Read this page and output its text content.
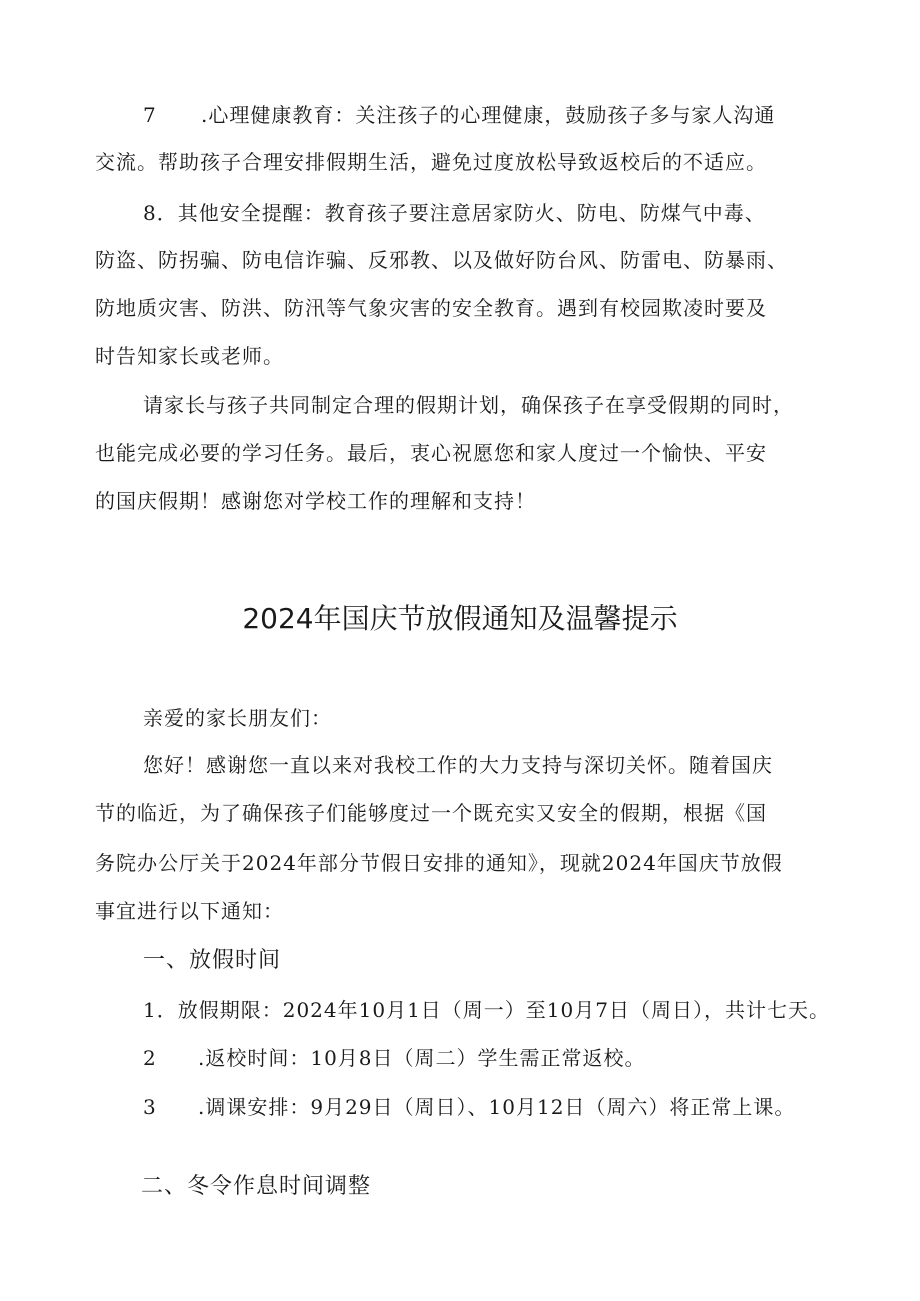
7 .心理健康教育：关注孩子的心理健康，鼓励孩子多与家人沟通
交流。帮助孩子合理安排假期生活，避免过度放松导致返校后的不适应。
8．其他安全提醒：教育孩子要注意居家防火、防电、防煤气中毒、
防盗、防拐骗、防电信诈骗、反邪教、以及做好防台风、防雷电、防暴雨、
防地质灾害、防洪、防汛等气象灾害的安全教育。遇到有校园欺凌时要及
时告知家长或老师。
请家长与孩子共同制定合理的假期计划，确保孩子在享受假期的同时，
也能完成必要的学习任务。最后，衷心祝愿您和家人度过一个愉快、平安
的国庆假期！感谢您对学校工作的理解和支持！
2024年国庆节放假通知及温馨提示
亲爱的家长朋友们：
您好！感谢您一直以来对我校工作的大力支持与深切关怀。随着国庆
节的临近，为了确保孩子们能够度过一个既充实又安全的假期，根据《国
务院办公厅关于2024年部分节假日安排的通知》，现就2024年国庆节放假
事宜进行以下通知：
一、放假时间
1．放假期限：2024年10月1日（周一）至10月7日（周日），共计七天。
2 .返校时间：10月8日（周二）学生需正常返校。
3 .调课安排：9月29日（周日）、10月12日（周六）将正常上课。
二、冬令作息时间调整
